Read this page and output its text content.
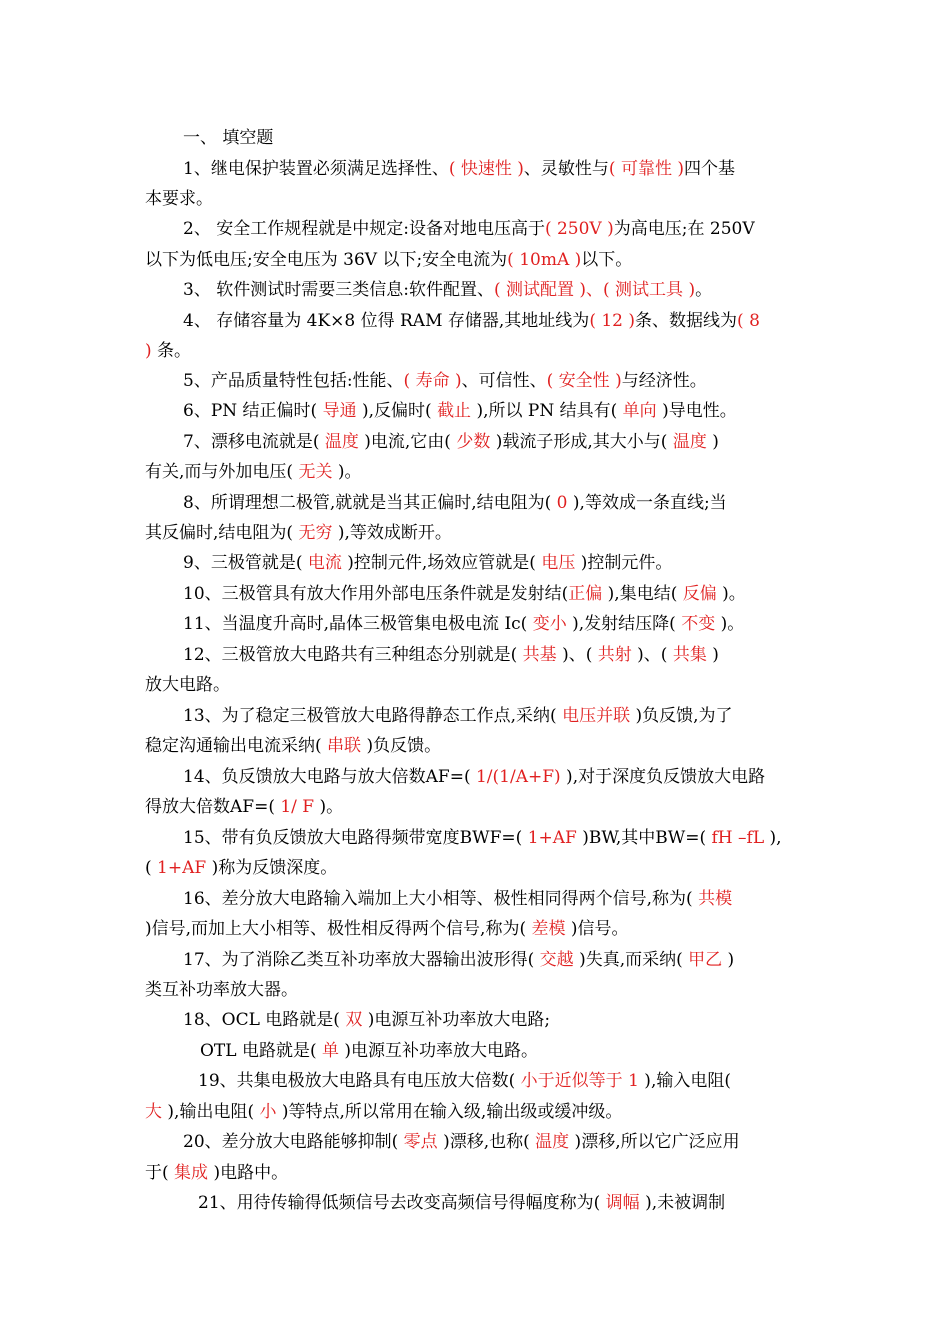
一、 填空题
1、继电保护装置必须满足选择性、( 快速性 )、灵敏性与( 可靠性 )四个基
本要求。
2、 安全工作规程就是中规定:设备对地电压高于( 250V )为高电压;在 250V
以下为低电压;安全电压为 36V 以下;安全电流为( 10mA )以下。
3、 软件测试时需要三类信息:软件配置、( 测试配置 )、( 测试工具 )。
4、 存储容量为 4K×8 位得 RAM 存储器,其地址线为( 12 )条、数据线为( 8
) 条。
5、产品质量特性包括:性能、( 寿命 )、可信性、( 安全性 )与经济性。
6、PN 结正偏时( 导通 ),反偏时( 截止 ),所以 PN 结具有( 单向 )导电性。
7、漂移电流就是( 温度 )电流,它由( 少数 )载流子形成,其大小与( 温度 )
有关,而与外加电压( 无关 )。
8、所谓理想二极管,就就是当其正偏时,结电阻为( 0 ),等效成一条直线;当
其反偏时,结电阻为( 无穷 ),等效成断开。
9、三极管就是( 电流 )控制元件,场效应管就是( 电压 )控制元件。
10、三极管具有放大作用外部电压条件就是发射结(正偏 ),集电结( 反偏 )。
11、当温度升高时,晶体三极管集电极电流 Ic( 变小 ),发射结压降( 不变 )。
12、三极管放大电路共有三种组态分别就是( 共基 )、( 共射 )、( 共集 )
放大电路。
13、为了稳定三极管放大电路得静态工作点,采纳( 电压并联 )负反馈,为了
稳定沟通输出电流采纳( 串联 )负反馈。
14、负反馈放大电路与放大倍数AF=( 1/(1/A+F) ),对于深度负反馈放大电路
得放大倍数AF=( 1/ F )。
15、带有负反馈放大电路得频带宽度BWF=( 1+AF )BW,其中BW=( fH –fL ),
( 1+AF )称为反馈深度。
16、差分放大电路输入端加上大小相等、极性相同得两个信号,称为( 共模
)信号,而加上大小相等、极性相反得两个信号,称为( 差模 )信号。
17、为了消除乙类互补功率放大器输出波形得( 交越 )失真,而采纳( 甲乙 )
类互补功率放大器。
18、OCL 电路就是( 双 )电源互补功率放大电路;
OTL 电路就是( 单 )电源互补功率放大电路。
19、共集电极放大电路具有电压放大倍数( 小于近似等于 1 ),输入电阻(
大 ),输出电阻( 小 )等特点,所以常用在输入级,输出级或缓冲级。
20、差分放大电路能够抑制( 零点 )漂移,也称( 温度 )漂移,所以它广泛应用
于( 集成 )电路中。
21、用待传输得低频信号去改变高频信号得幅度称为( 调幅 ),未被调制
